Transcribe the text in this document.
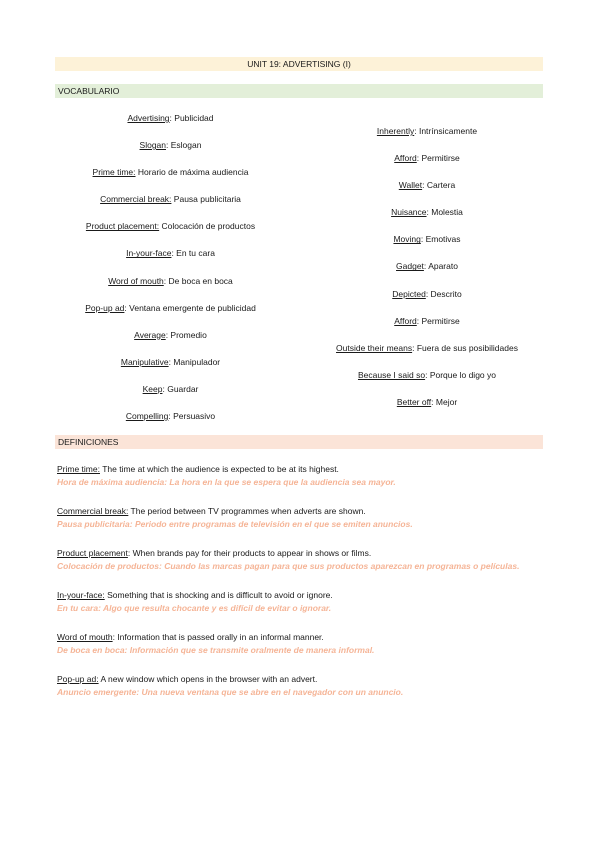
UNIT 19: ADVERTISING (I)
VOCABULARIO
Advertising: Publicidad
Slogan: Eslogan
Prime time: Horario de máxima audiencia
Commercial break: Pausa publicitaria
Product placement: Colocación de productos
In-your-face: En tu cara
Word of mouth: De boca en boca
Pop-up ad: Ventana emergente de publicidad
Average: Promedio
Manipulative: Manipulador
Keep: Guardar
Compelling: Persuasivo
Inherently: Intrínsicamente
Afford: Permitirse
Wallet: Cartera
Nuisance: Molestia
Moving: Emotivas
Gadget: Aparato
Depicted: Descrito
Afford: Permitirse
Outside their means: Fuera de sus posibilidades
Because I said so: Porque lo digo yo
Better off: Mejor
DEFINICIONES
Prime time: The time at which the audience is expected to be at its highest.
Hora de máxima audiencia: La hora en la que se espera que la audiencia sea mayor.
Commercial break: The period between TV programmes when adverts are shown.
Pausa publicitaria: Periodo entre programas de televisión en el que se emiten anuncios.
Product placement: When brands pay for their products to appear in shows or films.
Colocación de productos: Cuando las marcas pagan para que sus productos aparezcan en programas o películas.
In-your-face: Something that is shocking and is difficult to avoid or ignore.
En tu cara: Algo que resulta chocante y es difícil de evitar o ignorar.
Word of mouth: Information that is passed orally in an informal manner.
De boca en boca: Información que se transmite oralmente de manera informal.
Pop-up ad: A new window which opens in the browser with an advert.
Anuncio emergente: Una nueva ventana que se abre en el navegador con un anuncio.
